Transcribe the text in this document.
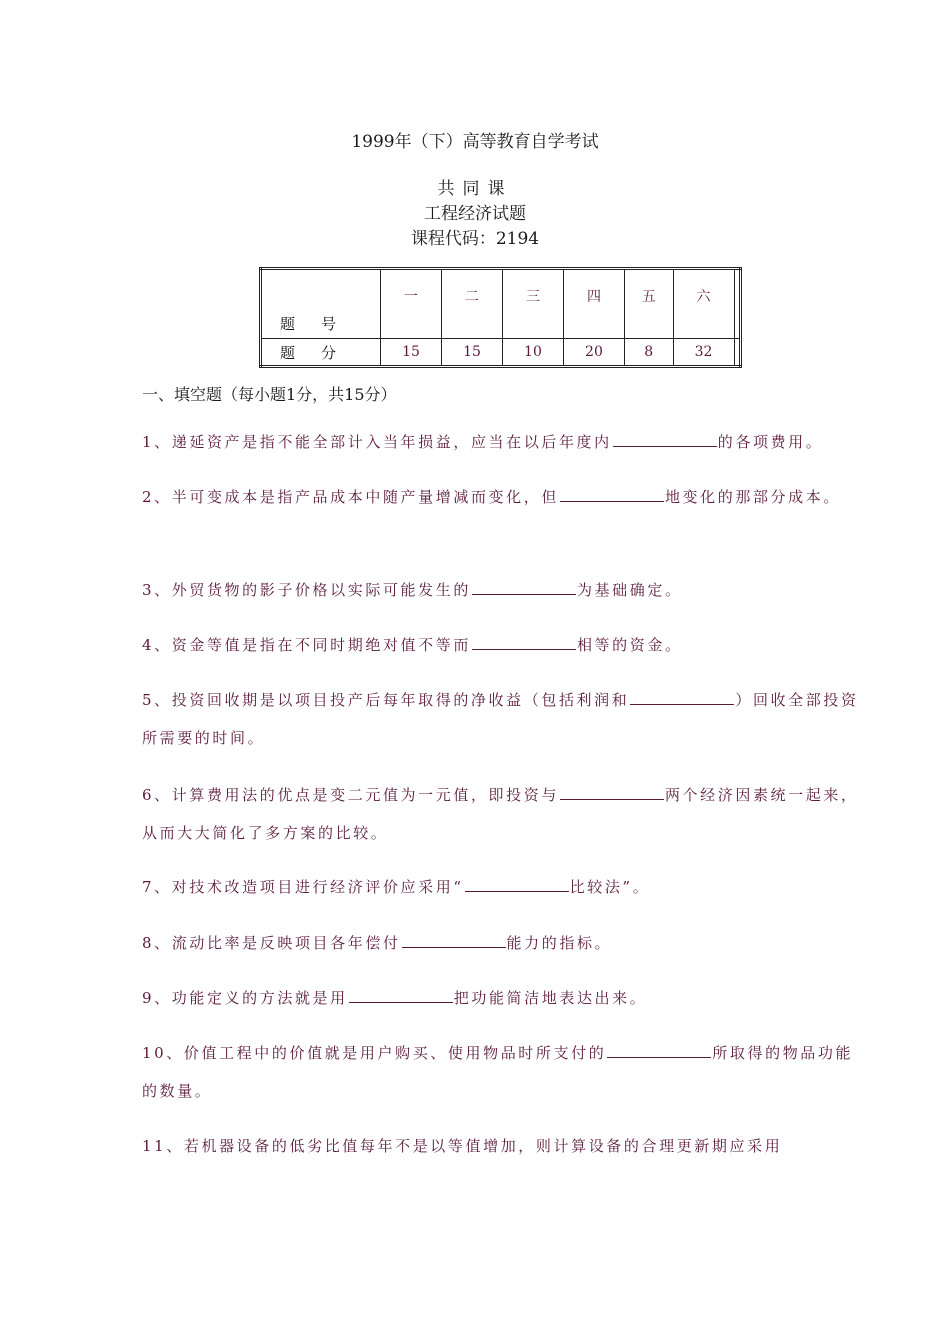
1999年（下）高等教育自学考试
共同课
工程经济试题
课程代码：2194
题 号	一	二	三	四	五	六	
题 分	15	15	10	20	8	32	
一、填空题（每小题1分，共15分）
1、递延资产是指不能全部计入当年损益，应当在以后年度内	的各项费用。
2、半可变成本是指产品成本中随产量增减而变化，但	地变化的那部分成本。
3、外贸货物的影子价格以实际可能发生的	为基础确定。
4、资金等值是指在不同时期绝对值不等而	相等的资金。
5、投资回收期是以项目投产后每年取得的净收益（包括利润和	）回收全部投资所需要的时间。
6、计算费用法的优点是变二元值为一元值，即投资与	两个经济因素统一起来，从而大大简化了多方案的比较。
7、对技术改造项目进行经济评价应采用“	比较法”。
8、流动比率是反映项目各年偿付	能力的指标。
9、功能定义的方法就是用	把功能简洁地表达出来。
10、价值工程中的价值就是用户购买、使用物品时所支付的	所取得的物品功能的数量。
11、若机器设备的低劣比值每年不是以等值增加，则计算设备的合理更新期应采用
